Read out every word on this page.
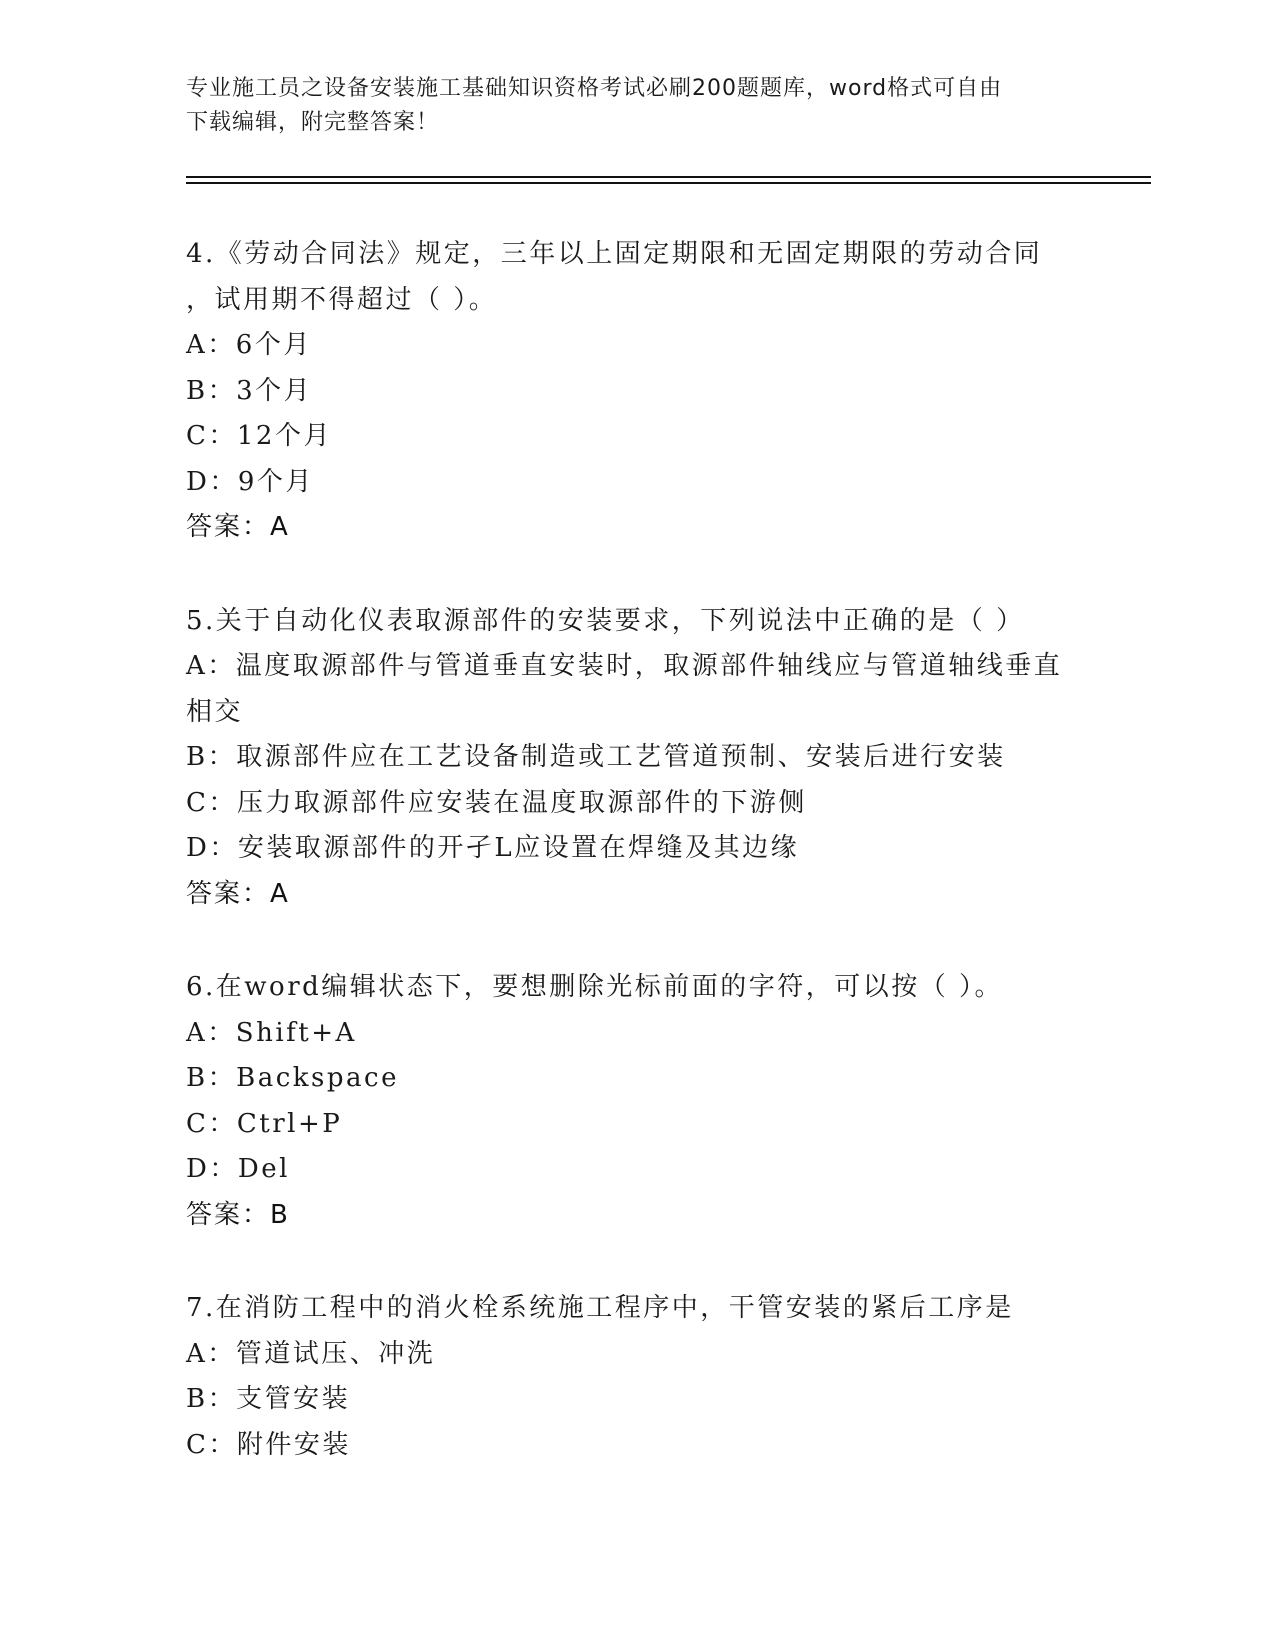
专业施工员之设备安装施工基础知识资格考试必刷200题题库，word格式可自由
下载编辑，附完整答案！
4.《劳动合同法》规定，三年以上固定期限和无固定期限的劳动合同
，试用期不得超过（ ）。
A：6个月
B：3个月
C：12个月
D：9个月
答案：A
5.关于自动化仪表取源部件的安装要求，下列说法中正确的是（ ）
A：温度取源部件与管道垂直安装时，取源部件轴线应与管道轴线垂直
相交
B：取源部件应在工艺设备制造或工艺管道预制、安装后进行安装
C：压力取源部件应安装在温度取源部件的下游侧
D：安装取源部件的开孑L应设置在焊缝及其边缘
答案：A
6.在word编辑状态下，要想删除光标前面的字符，可以按（ ）。
A：Shift+A
B：Backspace
C：Ctrl+P
D：Del
答案：B
7.在消防工程中的消火栓系统施工程序中，干管安装的紧后工序是
A：管道试压、冲洗
B：支管安装
C：附件安装
